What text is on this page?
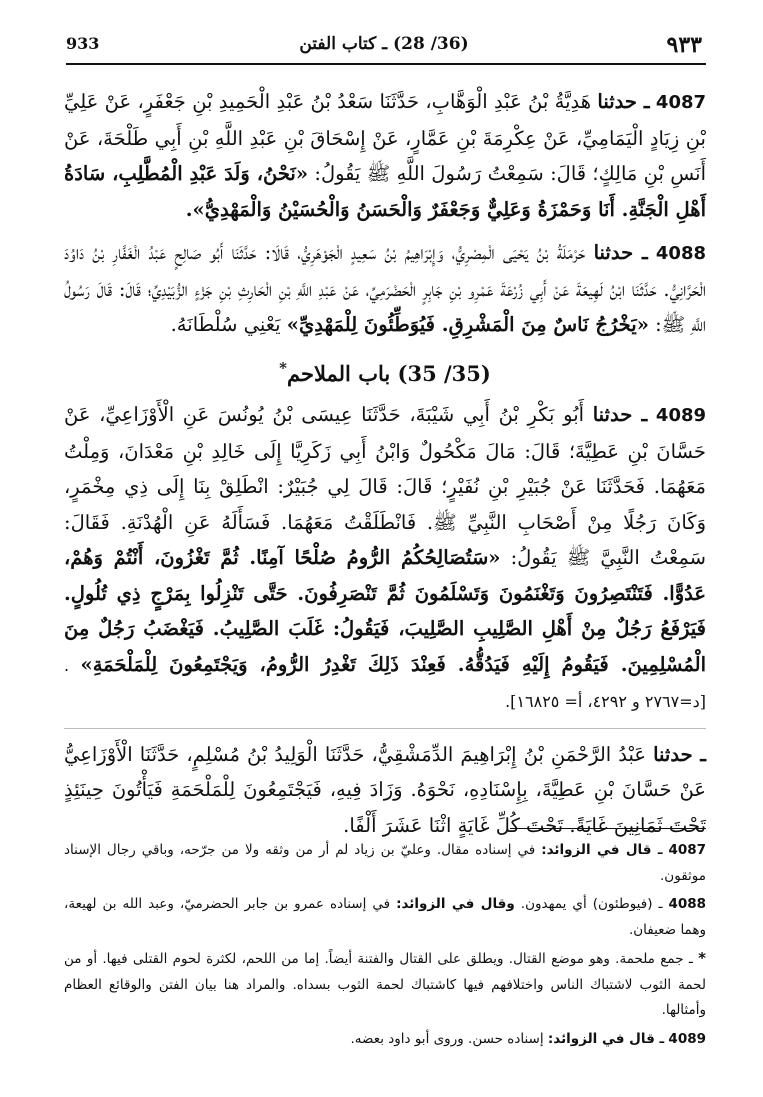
933	(36/ 28) ـ كتاب الفتن	٩٣٣

4087 ـ حدثنا هَدِيَّةُ بْنُ عَبْدِ الْوَهَّابِ، حَدَّثَنَا سَعْدُ بْنُ عَبْدِ الْحَمِيدِ بْنِ جَعْفَرٍ، عَنْ عَلِيِّ بْنِ زِيَادٍ الْيَمَامِيِّ، عَنْ عِكْرِمَةَ بْنِ عَمَّارٍ، عَنْ إِسْحَاقَ بْنِ عَبْدِ اللَّهِ بْنِ أَبِي طَلْحَةَ، عَنْ أَنَسِ بْنِ مَالِكٍ؛ قَالَ: سَمِعْتُ رَسُولَ اللَّهِ ﷺ يَقُولُ: «نَحْنُ، وَلَدَ عَبْدِ الْمُطَّلِبِ، سَادَةُ أَهْلِ الْجَنَّةِ. أَنَا وَحَمْزَةُ وَعَلِيٌّ وَجَعْفَرٌ وَالْحَسَنُ وَالْحُسَيْنُ وَالْمَهْدِيُّ».

4088 ـ حدثنا حَرْمَلَةُ بْنُ يَحْيَى الْمِصْرِيُّ، وَإِبْرَاهِيمُ بْنُ سَعِيدٍ الْجَوْهَرِيُّ، قَالَا: حَدَّثَنَا أَبُو صَالِحٍ عَبْدُ الْغَفَّارِ بْنُ دَاوُدَ الْحَرَّانِيُّ. حَدَّثَنَا ابْنُ لَهِيعَةَ عَنْ أَبِي زُرْعَةَ عَمْرِو بْنِ جَابِرٍ الْحَضْرَمِيِّ، عَنْ عَبْدِ اللَّهِ بْنِ الْحَارِثِ بْنِ جَزْءٍ الزُّبَيْدِيِّ؛ قَالَ: قَالَ رَسُولُ اللَّهِ ﷺ: «يَخْرُجُ نَاسٌ مِنَ الْمَشْرِقِ. فَيُوَطِّئُونَ لِلْمَهْدِيِّ» يَعْنِي سُلْطَانَهُ.

(35/ 35) باب الملاحم*

4089 ـ حدثنا أَبُو بَكْرِ بْنُ أَبِي شَيْبَةَ، حَدَّثَنَا عِيسَى بْنُ يُونُسَ عَنِ الْأَوْزَاعِيِّ، عَنْ حَسَّانَ بْنِ عَطِيَّةَ؛ قَالَ: مَالَ مَكْحُولٌ وَابْنُ أَبِي زَكَرِيَّا إِلَى خَالِدِ بْنِ مَعْدَانَ، وَمِلْتُ مَعَهُمَا. فَحَدَّثَنَا عَنْ جُبَيْرِ بْنِ نُفَيْرٍ؛ قَالَ: قَالَ لِي جُبَيْرٌ: انْطَلِقْ بِنَا إِلَى ذِي مِخْمَرٍ، وَكَانَ رَجُلًا مِنْ أَصْحَابِ النَّبِيِّ ﷺ. فَانْطَلَقْتُ مَعَهُمَا. فَسَأَلَهُ عَنِ الْهُدْنَةِ. فَقَالَ: سَمِعْتُ النَّبِيَّ ﷺ يَقُولُ: «سَتُصَالِحُكُمُ الرُّومُ صُلْحًا آمِنًا. ثُمَّ تَغْزُونَ، أَنْتُمْ وَهُمْ، عَدُوًّا. فَتَنْتَصِرُونَ وَتَغْنَمُونَ وَتَسْلَمُونَ ثُمَّ تَنْصَرِفُونَ. حَتَّى تَنْزِلُوا بِمَرْجٍ ذِي تُلُولٍ. فَيَرْفَعُ رَجُلٌ مِنْ أَهْلِ الصَّلِيبِ الصَّلِيبَ، فَيَقُولُ: غَلَبَ الصَّلِيبُ. فَيَغْضَبُ رَجُلٌ مِنَ الْمُسْلِمِينَ. فَيَقُومُ إِلَيْهِ فَيَدُقُّهُ. فَعِنْدَ ذَلِكَ تَغْدِرُ الرُّومُ، وَيَجْتَمِعُونَ لِلْمَلْحَمَةِ» . [د=٢٧٦٧ و ٤٢٩٢، أ= ١٦٨٢٥].

ـ حدثنا عَبْدُ الرَّحْمَنِ بْنُ إِبْرَاهِيمَ الدِّمَشْقِيُّ، حَدَّثَنَا الْوَلِيدُ بْنُ مُسْلِمٍ، حَدَّثَنَا الْأَوْزَاعِيُّ عَنْ حَسَّانَ بْنِ عَطِيَّةَ، بِإِسْنَادِهِ، نَحْوَهُ. وَزَادَ فِيهِ، فَيَجْتَمِعُونَ لِلْمَلْحَمَةِ فَيَأْتُونَ حِينَئِذٍ تَحْتَ ثَمَانِينَ غَايَةً. تَحْتَ كُلِّ غَايَةٍ اثْنَا عَشَرَ أَلْفًا.

4087 ـ قال في الزوائد: في إسناده مقال. وعليّ بن زياد لم أر من وثقه ولا من جرّحه، وباقي رجال الإسناد موثقون.

4088 ـ (فيوطئون) أي يمهدون. وقال في الزوائد: في إسناده عمرو بن جابر الحضرميّ، وعبد الله بن لهيعة، وهما ضعيفان.

* ـ جمع ملحمة. وهو موضع القتال. ويطلق على القتال والفتنة أيضاً. إما من اللحم، لكثرة لحوم القتلى فيها. أو من لحمة الثوب لاشتباك الناس واختلافهم فيها كاشتباك لحمة الثوب بسداه. والمراد هنا بيان الفتن والوقائع العظام وأمثالها.

4089 ـ قال في الزوائد: إسناده حسن. وروى أبو داود بعضه.
